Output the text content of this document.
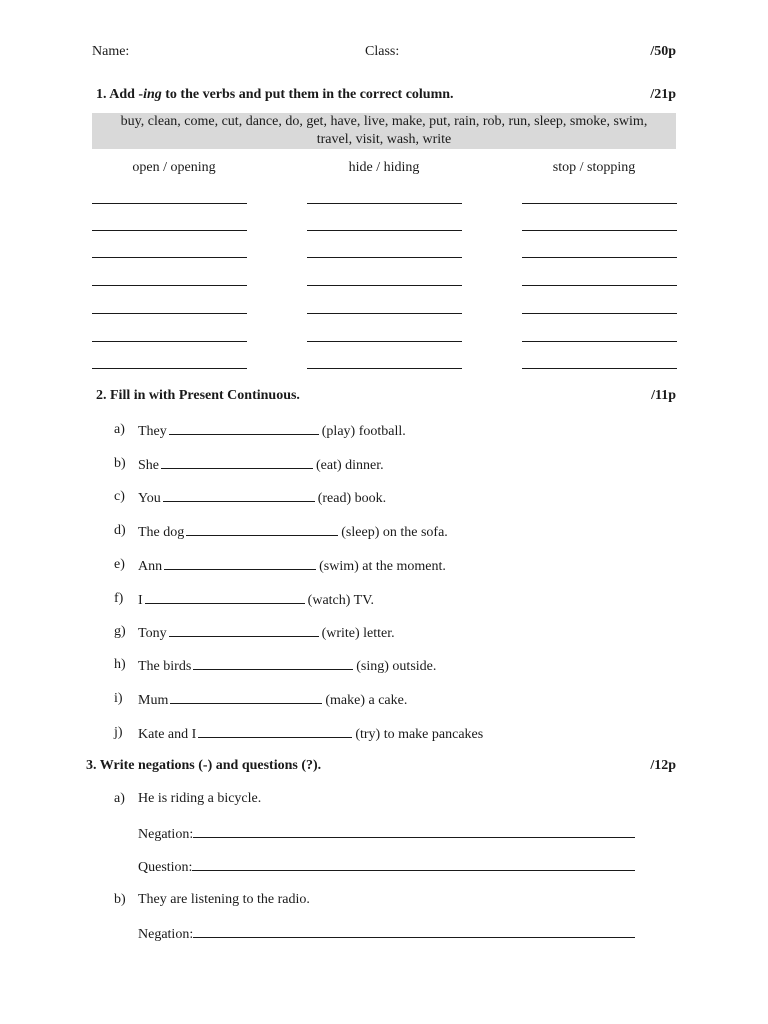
Name:	Class:	/50p
1. Add -ing to the verbs and put them in the correct column.	/21p
buy, clean, come, cut, dance, do, get, have, live, make, put, rain, rob, run, sleep, smoke, swim,
travel, visit, wash, write
open / opening	hide / hiding	stop / stopping
2. Fill in with Present Continuous.	/11p
a) They	(play) football.
b) She	(eat) dinner.
c) You	(read) book.
d) The dog	(sleep) on the sofa.
e) Ann	(swim) at the moment.
f) I	(watch) TV.
g) Tony	(write) letter.
h) The birds	(sing) outside.
i) Mum	(make) a cake.
j) Kate and I	(try) to make pancakes
3. Write negations (-) and questions (?).	/12p
a) He is riding a bicycle.
Negation:
Question:
b) They are listening to the radio.
Negation:
